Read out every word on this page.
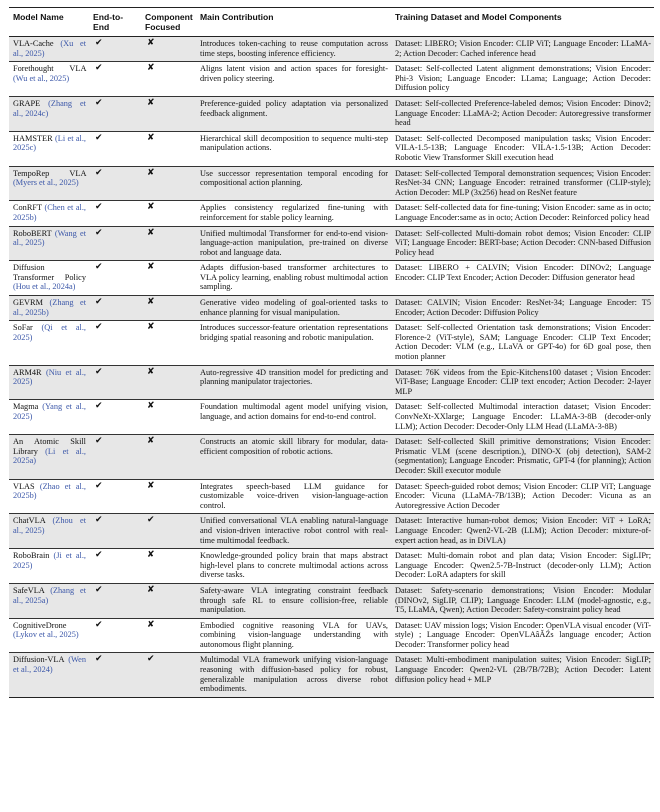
Model Name	End-to-End	Component Focused	Main Contribution	Training Dataset and Model Components
VLA-Cache (Xu et al., 2025)	✔	✘	Introduces token-caching to reuse computation across time steps, boosting inference efficiency.	Dataset: LIBERO; Vision Encoder: CLIP ViT; Language Encoder: LLaMA-2; Action Decoder: Cached inference head
Forethought VLA (Wu et al., 2025)	✔	✘	Aligns latent vision and action spaces for foresight-driven policy steering.	Dataset: Self-collected Latent alignment demonstrations; Vision Encoder: Phi-3 Vision; Language Encoder: LLama; Language; Action Decoder: Diffusion policy
GRAPE (Zhang et al., 2024c)	✔	✘	Preference-guided policy adaptation via personalized feedback alignment.	Dataset: Self-collected Preference-labeled demos; Vision Encoder: Dinov2; Language Encoder: LLaMA-2; Action Decoder: Autoregressive transformer head
HAMSTER (Li et al., 2025c)	✔	✘	Hierarchical skill decomposition to sequence multi-step manipulation actions.	Dataset: Self-collected Decomposed manipulation tasks; Vision Encoder: VILA-1.5-13B; Language Encoder: VILA-1.5-13B; Action Decoder: Robotic View Transformer Skill execution head
TempoRep VLA (Myers et al., 2025)	✔	✘	Use successor representation temporal encoding for compositional action planning.	Dataset: Self-collected Temporal demonstration sequences; Vision Encoder: ResNet-34 CNN; Language Encoder: retrained transformer (CLIP-style); Action Decoder: MLP (3x256) head on ResNet feature
ConRFT (Chen et al., 2025b)	✔	✘	Applies consistency regularized fine-tuning with reinforcement for stable policy learning.	Dataset: Self-collected data for fine-tuning; Vision Encoder: same as in octo; Language Encoder:same as in octo; Action Decoder: Reinforced policy head
RoboBERT (Wang et al., 2025)	✔	✘	Unified multimodal Transformer for end-to-end vision-language-action manipulation, pre-trained on diverse robot and language data.	Dataset: Self-collected Multi-domain robot demos; Vision Encoder: CLIP ViT; Language Encoder: BERT-base; Action Decoder: CNN-based Diffusion Policy head
Diffusion Transformer Policy (Hou et al., 2024a)	✔	✘	Adapts diffusion-based transformer architectures to VLA policy learning, enabling robust multimodal action sampling.	Dataset: LIBERO + CALVIN; Vision Encoder: DINOv2; Language Encoder: CLIP Text Encoder; Action Decoder: Diffusion generator head
GEVRM (Zhang et al., 2025b)	✔	✘	Generative video modeling of goal-oriented tasks to enhance planning for visual manipulation.	Dataset: CALVIN; Vision Encoder: ResNet-34; Language Encoder: T5 Encoder; Action Decoder: Diffusion Policy
SoFar (Qi et al., 2025)	✔	✘	Introduces successor-feature orientation representations bridging spatial reasoning and robotic manipulation.	Dataset: Self-collected Orientation task demonstrations; Vision Encoder: Florence-2 (ViT-style), SAM; Language Encoder: CLIP Text Encoder; Action Decoder: VLM (e.g., LLaVA or GPT-4o) for 6D goal pose, then motion planner
ARM4R (Niu et al., 2025)	✔	✘	Auto-regressive 4D transition model for predicting and planning manipulator trajectories.	Dataset: 76K videos from the Epic-Kitchens100 dataset ; Vision Encoder: ViT-Base; Language Encoder: CLIP text encoder; Action Decoder: 2-layer MLP
Magma (Yang et al., 2025)	✔	✘	Foundation multimodal agent model unifying vision, language, and action domains for end-to-end control.	Dataset: Self-collected Multimodal interaction dataset; Vision Encoder: ConvNeXt-XXlarge; Language Encoder: LLaMA-3-8B (decoder-only LLM); Action Decoder: Decoder-Only LLM Head (LLaMA-3-8B)
An Atomic Skill Library (Li et al., 2025a)	✔	✘	Constructs an atomic skill library for modular, data-efficient composition of robotic actions.	Dataset: Self-collected Skill primitive demonstrations; Vision Encoder: Prismatic VLM (scene description.), DINO-X (obj detection), SAM-2 (segmentation); Language Encoder: Prismatic, GPT-4 (for planning); Action Decoder: Skill executor module
VLAS (Zhao et al., 2025b)	✔	✘	Integrates speech-based LLM guidance for customizable voice-driven vision-language-action control.	Dataset: Speech-guided robot demos; Vision Encoder: CLIP ViT; Language Encoder: Vicuna (LLaMA-7B/13B); Action Decoder: Vicuna as an Autoregressive Action Decoder
ChatVLA (Zhou et al., 2025)	✔	✔	Unified conversational VLA enabling natural-language and vision-driven interactive robot control with real-time multimodal feedback.	Dataset: Interactive human-robot demos; Vision Encoder: ViT + LoRA; Language Encoder: Qwen2-VL-2B (LLM); Action Decoder: mixture-of-expert action head, as in DiVLA)
RoboBrain (Ji et al., 2025)	✔	✘	Knowledge-grounded policy brain that maps abstract high-level plans to concrete multimodal actions across diverse tasks.	Dataset: Multi-domain robot and plan data; Vision Encoder: SigLIPr; Language Encoder: Qwen2.5-7B-Instruct (decoder-only LLM); Action Decoder: LoRA adapters for skill
SafeVLA (Zhang et al., 2025a)	✔	✘	Safety-aware VLA integrating constraint feedback through safe RL to ensure collision-free, reliable manipulation.	Dataset: Safety-scenario demonstrations; Vision Encoder: Modular (DINOv2, SigLIP, CLIP); Language Encoder: LLM (model-agnostic, e.g., T5, LLaMA, Qwen); Action Decoder: Safety-constraint policy head
CognitiveDrone (Lykov et al., 2025)	✔	✘	Embodied cognitive reasoning VLA for UAVs, combining vision-language understanding with autonomous flight planning.	Dataset: UAV mission logs; Vision Encoder: OpenVLA visual encoder (ViT-style) ; Language Encoder: OpenVLAâĂŹs language encoder; Action Decoder: Transformer policy head
Diffusion-VLA (Wen et al., 2024)	✔	✔	Multimodal VLA framework unifying vision-language reasoning with diffusion-based policy for robust, generalizable manipulation across diverse robot embodiments.	Dataset: Multi-embodiment manipulation suites; Vision Encoder: SigLIP; Language Encoder: Qwen2-VL (2B/7B/72B); Action Decoder: Latent diffusion policy head + MLP
